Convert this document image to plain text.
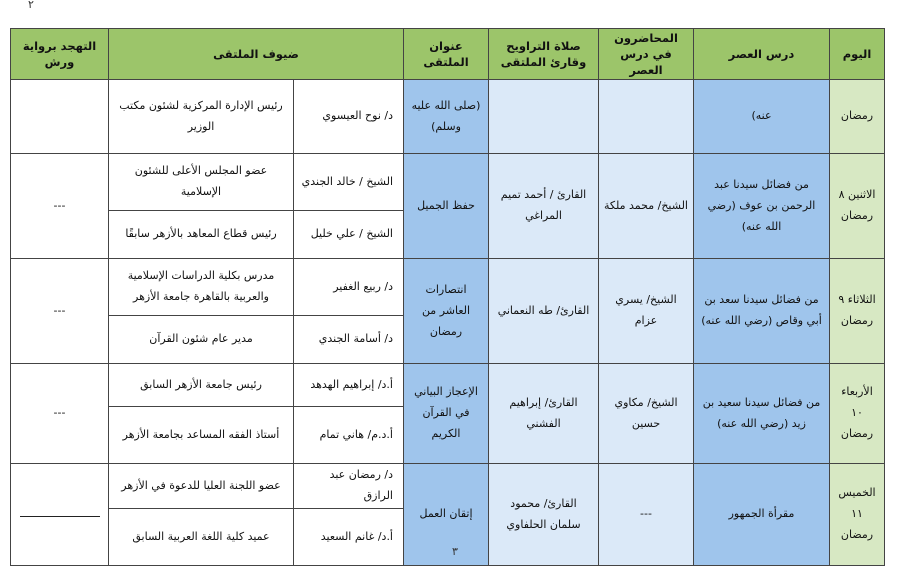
٢
اليوم	درس العصر	المحاضرون في درس العصر	صلاة التراويح وقارئ الملتقى	عنوان الملتقى	ضيوف الملتقى		التهجد برواية ورش
رمضان	عنه)			(صلى الله عليه وسلم)	د/ نوح العيسوي	رئيس الإدارة المركزية لشئون مكتب الوزير	
الاثنين ٨ رمضان	من فضائل سيدنا عبد الرحمن بن عوف (رضي الله عنه)	الشيخ/ محمد ملكة	القارئ / أحمد تميم المراغي	حفظ الجميل	الشيخ / خالد الجندي	عضو المجلس الأعلى للشئون الإسلامية	---
					الشيخ / علي خليل	رئيس قطاع المعاهد بالأزهر سابقًا	
الثلاثاء ٩ رمضان	من فضائل سيدنا سعد بن أبي وقاص (رضي الله عنه)	الشيخ/ يسري عزام	القارئ/ طه النعماني	انتصارات العاشر من رمضان	د/ ربيع الغفير	مدرس بكلية الدراسات الإسلامية والعربية بالقاهرة جامعة الأزهر	---
					د/ أسامة الجندي	مدير عام شئون القرآن	
الأربعاء ١٠ رمضان	من فضائل سيدنا سعيد بن زيد (رضي الله عنه)	الشيخ/ مكاوي حسين	القارئ/ إبراهيم الفشني	الإعجاز البياني في القرآن الكريم	أ.د/ إبراهيم الهدهد	رئيس جامعة الأزهر السابق	---
					أ.د.م/ هاني تمام	أستاذ الفقه المساعد بجامعة الأزهر	
الخميس ١١ رمضان	مقرأة الجمهور	---	القارئ/ محمود سلمان الحلفاوي	إتقان العمل	د/ رمضان عبد الرازق	عضو اللجنة العليا للدعوة في الأزهر	
					أ.د/ غانم السعيد	عميد كلية اللغة العربية السابق	
٣
